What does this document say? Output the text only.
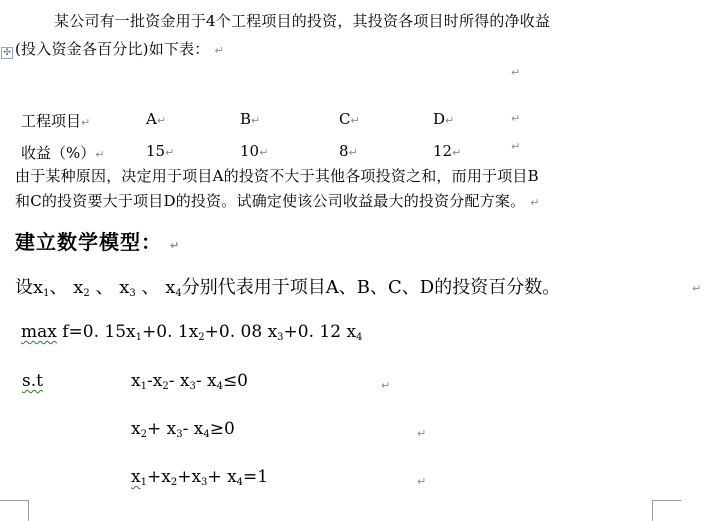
✣
某公司有一批资金用于4个工程项目的投资，其投资各项目时所得的净收益
(投入资金各百分比)如下表： ↵
↵
工程项目↵	A↵	B↵	C↵	D↵	↵
收益（%）↵	15↵	10↵	8↵	12↵	↵
由于某种原因，决定用于项目A的投资不大于其他各项投资之和，而用于项目B
和C的投资要大于项目D的投资。试确定使该公司收益最大的投资分配方案。 ↵
建立数学模型： ↵
设$x_1$、 $x_2$ 、 $x_3$ 、 $x_4$分别代表用于项目A、B、C、D的投资百分数。	↵
max f=0. $15x_1+0$. $1x_2+0$. 08 $x_3+0$. 12 $x_4$
s.t	$x_1-x_2-$ $x_3-$ $x_4\le 0$	↵
$x_2+ x_3-$ $x_4\ge 0$	↵
$x_1+x_2+x_3+ x_4=1$	↵
